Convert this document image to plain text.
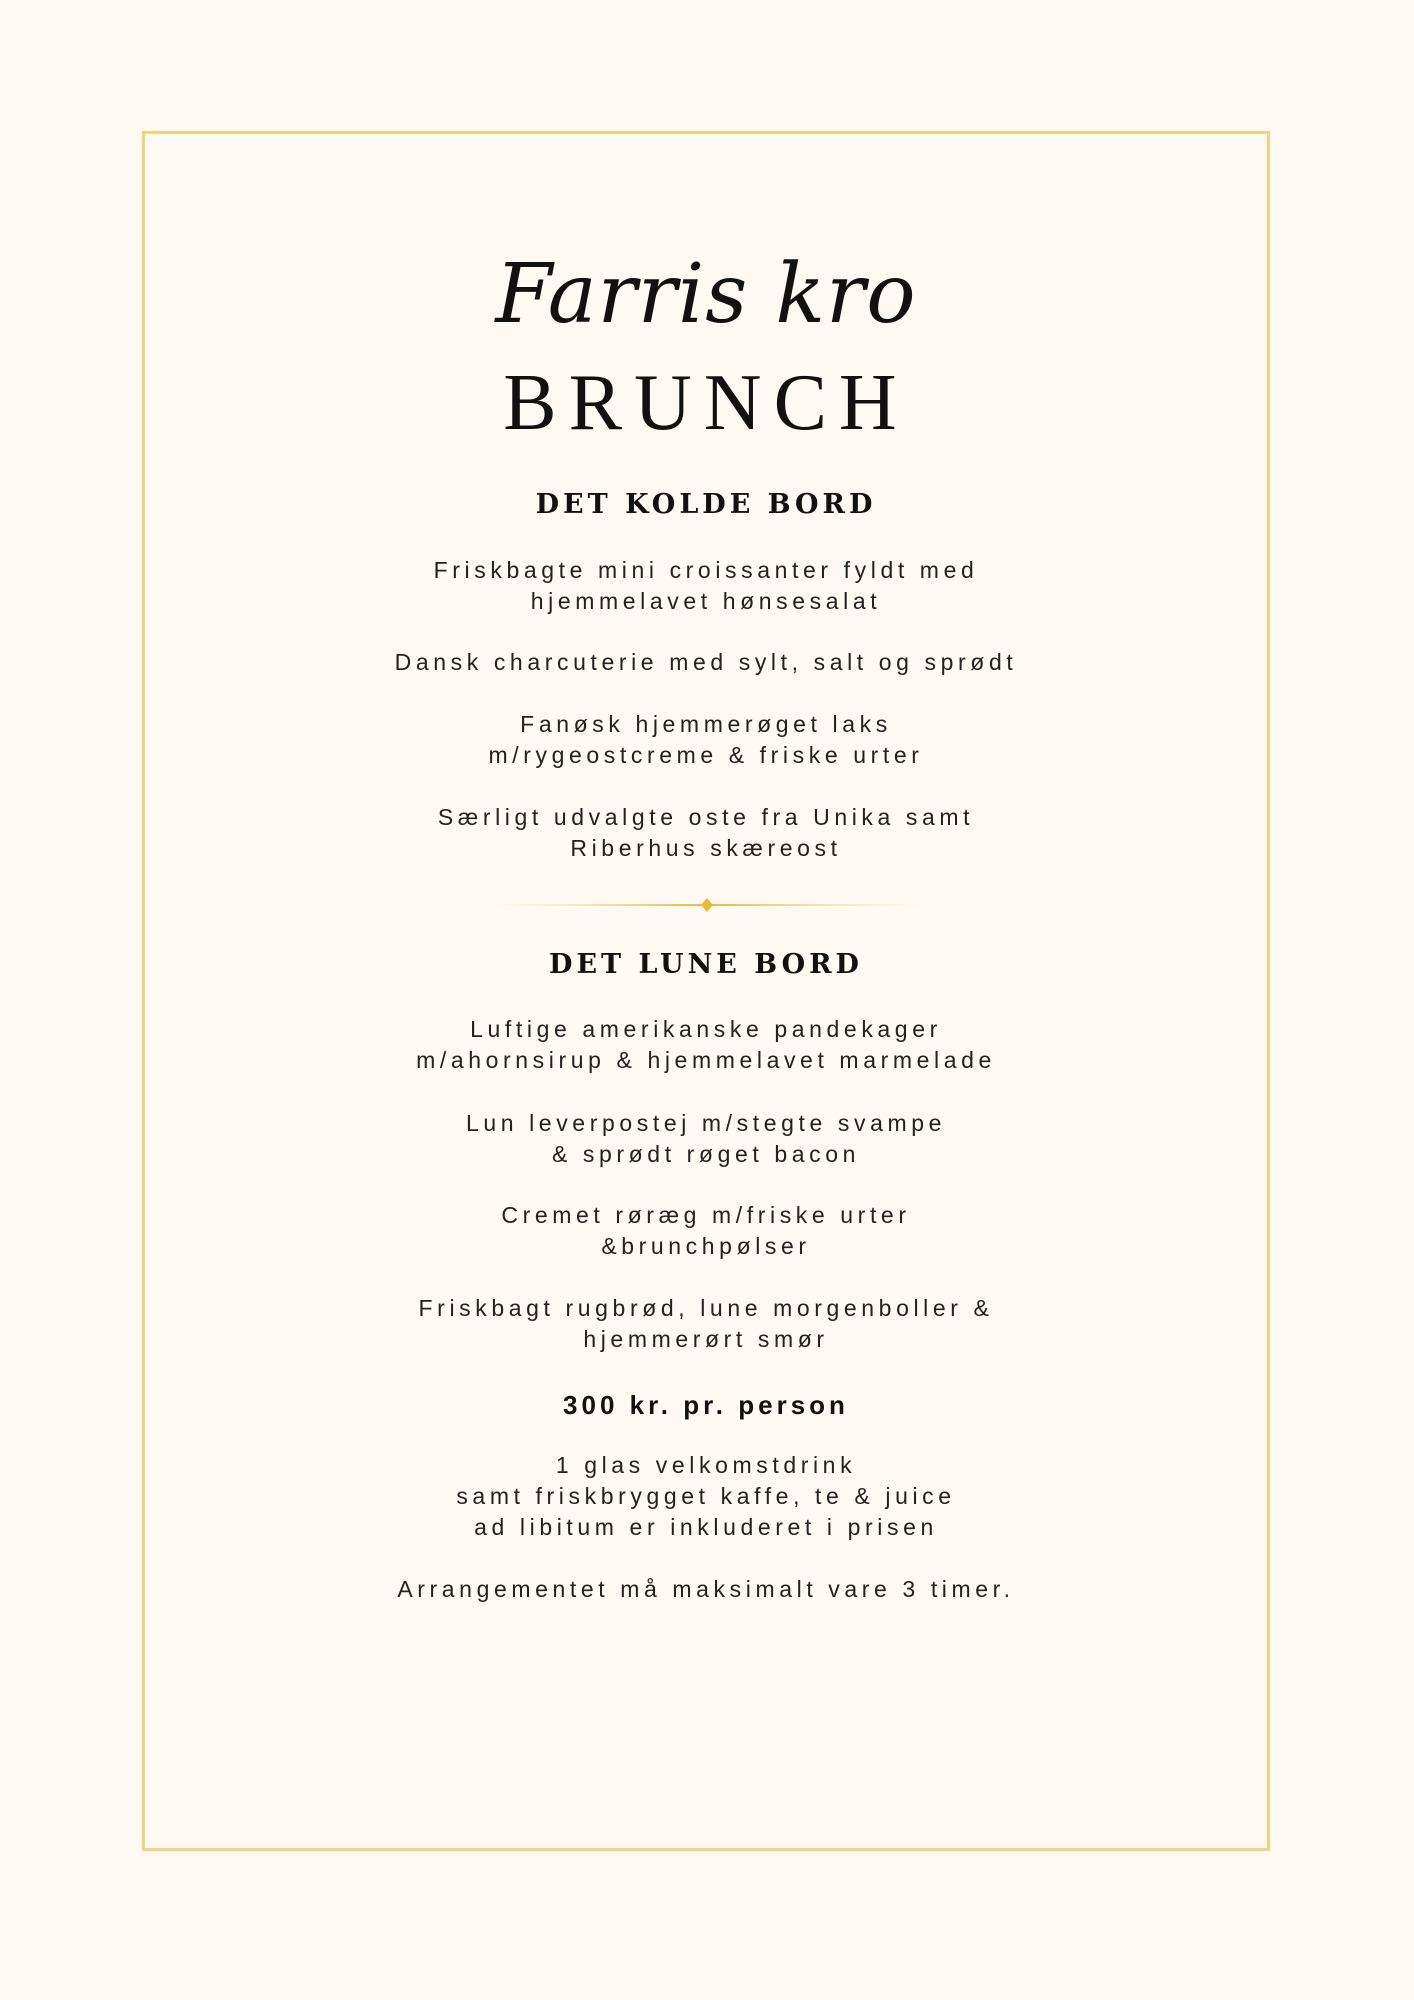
Farris kro
BRUNCH
DET KOLDE BORD
Friskbagte mini croissanter fyldt med
hjemmelavet hønsesalat
Dansk charcuterie med sylt, salt og sprødt
Fanøsk hjemmerøget laks
m/rygeostcreme & friske urter
Særligt udvalgte oste fra Unika samt
Riberhus skæreost
DET LUNE BORD
Luftige amerikanske pandekager
m/ahornsirup & hjemmelavet marmelade
Lun leverpostej m/stegte svampe
& sprødt røget bacon
Cremet røræg m/friske urter
&brunchpølser
Friskbagt rugbrød, lune morgenboller &
hjemmerørt smør
300 kr. pr. person
1 glas velkomstdrink
samt friskbrygget kaffe, te & juice
ad libitum er inkluderet i prisen
Arrangementet må maksimalt vare 3 timer.
